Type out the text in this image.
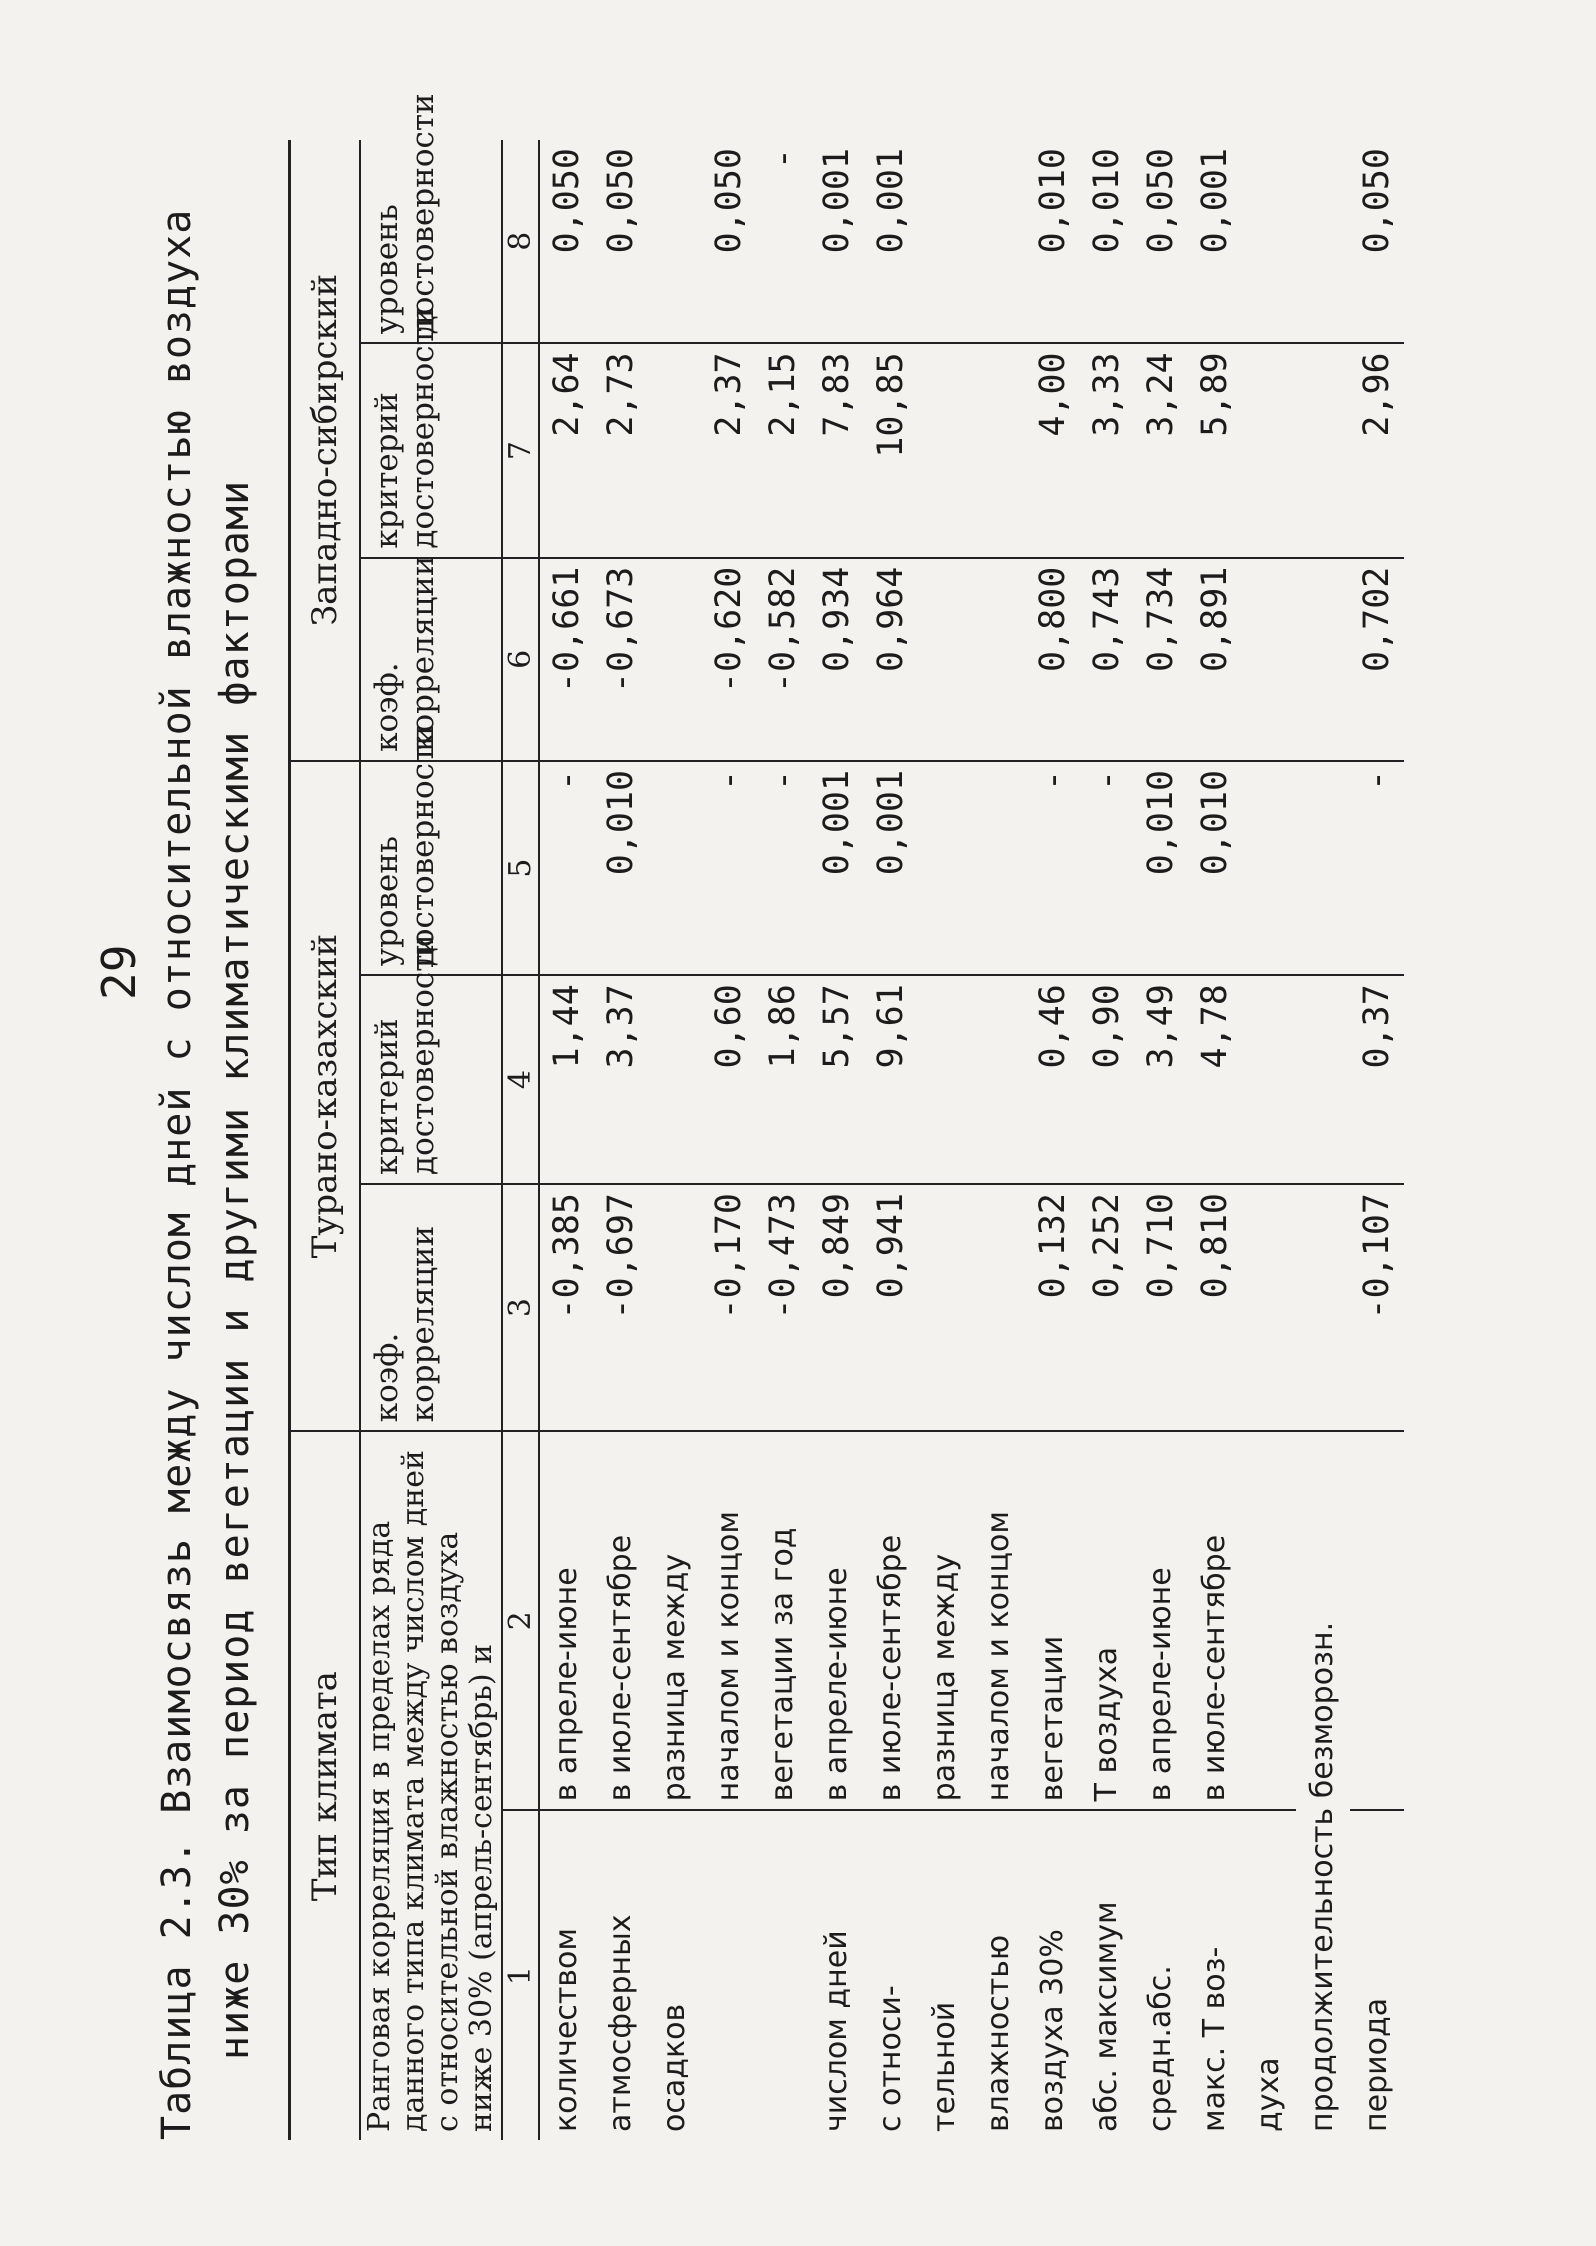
29 Таблица 2.3. Взаимосвязь между числом дней с относительной влажностью воздуха ниже 30% за период вегетации и другими климатическими факторами Тип климата		Турано-казахский			Западно-сибирский		
Ранговая корреляция в пределах ряда данного типа климата между числом дней с относительной влажностью воздуха ниже 30% (апрель-сентябрь) и		коэф. корреляции	критерий достоверности	уровень достоверности	коэф. корреляции	критерий достоверности	уровень достоверности
1	2	3	4	5	6	7	8
количеством	в апреле-июне	-0,385	1,44	-	-0,661	2,64	0,050
атмосферных	в июле-сентябре	-0,697	3,37	0,010	-0,673	2,73	0,050
осадков	разница между						
	началом и концом	-0,170	0,60	-	-0,620	2,37	0,050
	вегетации за год	-0,473	1,86	-	-0,582	2,15	-
числом дней	в апреле-июне	0,849	5,57	0,001	0,934	7,83	0,001
с относи-	в июле-сентябре	0,941	9,61	0,001	0,964	10,85	0,001
тельной	разница между						
влажностью	началом и концом						
воздуха 30%	вегетации	0,132	0,46	-	0,800	4,00	0,010
абс. максимум	Т воздуха	0,252	0,90	-	0,743	3,33	0,010
средн.абс.	в апреле-июне	0,710	3,49	0,010	0,734	3,24	0,050
макс. Т воз-	в июле-сентябре	0,810	4,78	0,010	0,891	5,89	0,001
духа							
продолжительность безморозн.							
периода		-0,107	0,37	-	0,702	2,96	0,050
